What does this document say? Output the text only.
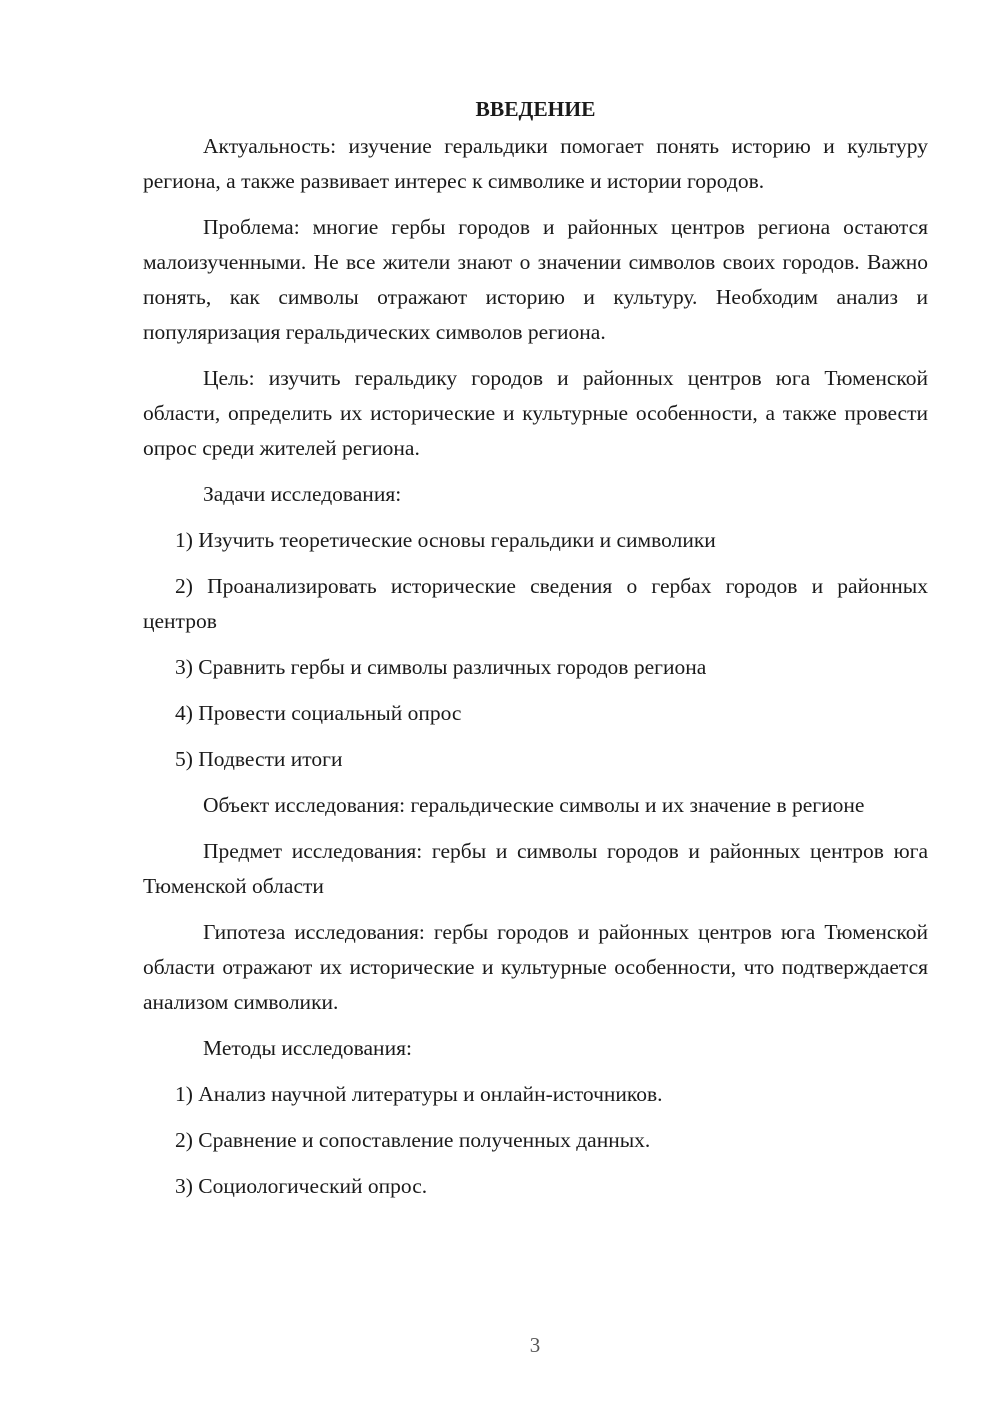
ВВЕДЕНИЕ

Актуальность: изучение геральдики помогает понять историю и культуру региона, а также развивает интерес к символике и истории городов.

Проблема: многие гербы городов и районных центров региона остаются малоизученными. Не все жители знают о значении символов своих городов. Важно понять, как символы отражают историю и культуру. Необходим анализ и популяризация геральдических символов региона.

Цель: изучить геральдику городов и районных центров юга Тюменской области, определить их исторические и культурные особенности, а также провести опрос среди жителей региона.

Задачи исследования:

1) Изучить теоретические основы геральдики и символики

2) Проанализировать исторические сведения о гербах городов и районных центров

3) Сравнить гербы и символы различных городов региона

4) Провести социальный опрос

5) Подвести итоги

Объект исследования: геральдические символы и их значение в регионе

Предмет исследования: гербы и символы городов и районных центров юга Тюменской области

Гипотеза исследования: гербы городов и районных центров юга Тюменской области отражают их исторические и культурные особенности, что подтверждается анализом символики.

Методы исследования:

1) Анализ научной литературы и онлайн-источников.

2) Сравнение и сопоставление полученных данных.

3) Социологический опрос.

3
